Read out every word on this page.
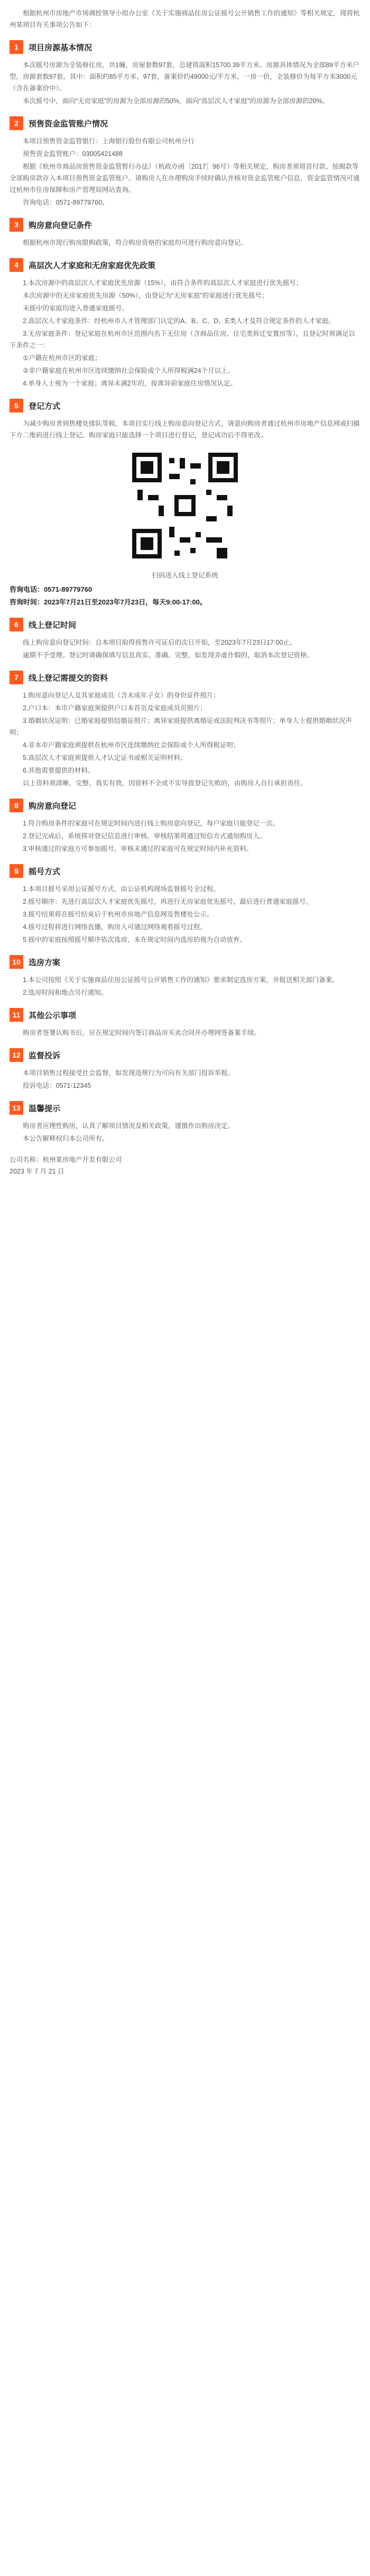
根据杭州市房地产市场调控领导小组办公室《关于实施商品住房公证摇号公开销售工作的通知》等相关规定，现将杭州某项目有关事项公告如下：

1	项目房源基本情况

本次摇号房源为全装修住房，共1幢，房屋套数97套，总建筑面积15700.39平方米。房源具体情况为全部89平方米户型，房源套数97套。其中：面积约85平方米、97套，备案价约49000元/平方米，一房一价，全装修价为每平方米3000元（含在备案价中）。

本次摇号中，面向“无房家庭”的房源为全部房源的50%，面向“高层次人才家庭”的房源为全部房源的20%。

2	预售资金监管账户情况

本项目预售资金监管银行：上海银行股份有限公司杭州分行

预售资金监管账户：03005421488

根据《杭州市商品房预售资金监管暂行办法》（杭政办函〔2017〕96号）等相关规定，购房者须将首付款、按揭款等全部购房款存入本项目预售资金监管账户。请购房人在办理购房手续时确认并核对资金监管账户信息，资金监管情况可通过杭州市住房保障和房产管理局网站查询。

咨询电话：0571-89779760。

3	购房意向登记条件

根据杭州市现行购房限购政策，符合购房资格的家庭均可进行购房意向登记。

4	高层次人才家庭和无房家庭优先政策

1.本次房源中的高层次人才家庭优先房源（15%），由符合条件的高层次人才家庭进行优先摇号；

本次房源中的无房家庭优先房源（50%），由登记为“无房家庭”的家庭进行优先摇号；

未摇中的家庭均进入普通家庭摇号。

2.高层次人才家庭条件：经杭州市人才管理部门认定的A、B、C、D、E类人才及符合规定条件的人才家庭。

3.无房家庭条件：登记家庭在杭州市区范围内名下无住房（含商品住房、住宅类拆迁安置房等），且登记时须满足以下条件之一：

①户籍在杭州市区的家庭；

②非户籍家庭在杭州市区连续缴纳社会保险或个人所得税满24个月以上。

4.单身人士视为一个家庭；离异未满2年的，按离异前家庭住房情况认定。

5	登记方式

为减少购房者到售楼处排队等候，本项目实行线上购房意向登记方式，请意向购房者通过杭州市房地产信息网或扫描下方二维码进行线上登记。购房家庭只能选择一个项目进行登记，登记成功后不得更改。

扫码进入线上登记系统

咨询电话：0571-89779760

咨询时间：2023年7月21日至2023年7月23日，每天9:00-17:00。

6	线上登记时间

线上购房意向登记时间：自本项目取得预售许可证后的次日开始，至2023年7月23日17:00止。

逾期不予受理。登记时请确保填写信息真实、准确、完整，如发现弄虚作假的，取消本次登记资格。

7	线上登记需提交的资料

1.购房意向登记人及其家庭成员（含未成年子女）的身份证件照片；

2.户口本：本市户籍家庭须提供户口本首页及家庭成员页照片；

3.婚姻状况证明：已婚家庭提供结婚证照片；离异家庭提供离婚证或法院判决书等照片；单身人士提供婚姻状况声明；

4.非本市户籍家庭须提供在杭州市区连续缴纳社会保险或个人所得税证明；

5.高层次人才家庭须提供人才认定证书或相关证明材料；

6.其他需要提供的材料。

以上资料须清晰、完整、真实有效，因资料不全或不实导致登记失败的，由购房人自行承担责任。

8	购房意向登记

1.符合购房条件的家庭可在规定时间内进行线上购房意向登记，每户家庭只能登记一次。

2.登记完成后，系统将对登记信息进行审核，审核结果将通过短信方式通知购房人。

3.审核通过的家庭方可参加摇号，审核未通过的家庭可在规定时间内补充资料。

9	摇号方式

1.本项目摇号采用公证摇号方式，由公证机构现场监督摇号全过程。

2.摇号顺序：先进行高层次人才家庭优先摇号，再进行无房家庭优先摇号，最后进行普通家庭摇号。

3.摇号结果将在摇号结束后于杭州市房地产信息网及售楼处公示。

4.摇号过程将进行网络直播，购房人可通过网络观看摇号过程。

5.摇中的家庭按照摇号顺序依次选房，未在规定时间内选房的视为自动放弃。

10	选房方案

1.本公司按照《关于实施商品住房公证摇号公开销售工作的通知》要求制定选房方案，并报送相关部门备案。

2.选房时间和地点另行通知。

11	其他公示事项

购房者签署认购书后，应在规定时间内签订商品房买卖合同并办理网签备案手续。

12	监督投诉

本项目销售过程接受社会监督，如发现违规行为可向有关部门投诉举报。

投诉电话：0571-12345

13	温馨提示

购房者应理性购房，认真了解项目情况及相关政策，谨慎作出购房决定。

本公告解释权归本公司所有。

公司名称：杭州某房地产开发有限公司

2023 年 7 月 21 日
